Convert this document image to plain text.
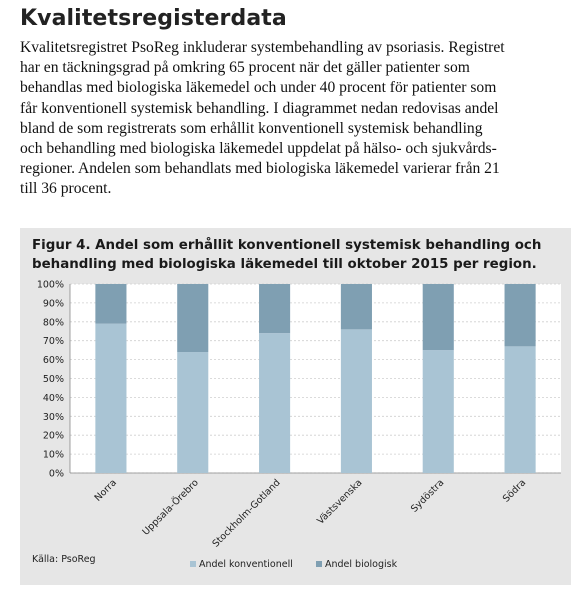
Kvalitetsregisterdata
Kvalitetsregistret PsoReg inkluderar systembehandling av psoriasis. Registret
har en täckningsgrad på omkring 65 procent när det gäller patienter som
behandlas med biologiska läkemedel och under 40 procent för patienter som
får konventionell systemisk behandling. I diagrammet nedan redovisas andel
bland de som registrerats som erhållit konventionell systemisk behandling
och behandling med biologiska läkemedel uppdelat på hälso- och sjukvårds-
regioner. Andelen som behandlats med biologiska läkemedel varierar från 21
till 36 procent.
0%
10%
20%
30%
40%
50%
60%
70%
80%
90%
100%
Norra Uppsala-Örebro Stockholm-Gotland	Västsvenska	Sydöstra	Södra
Andel konventionell	Andel biologisk
Figur 4. Andel som erhållit konventionell systemisk behandling och
behandling med biologiska läkemedel till oktober 2015 per region.
Källa: PsoReg
